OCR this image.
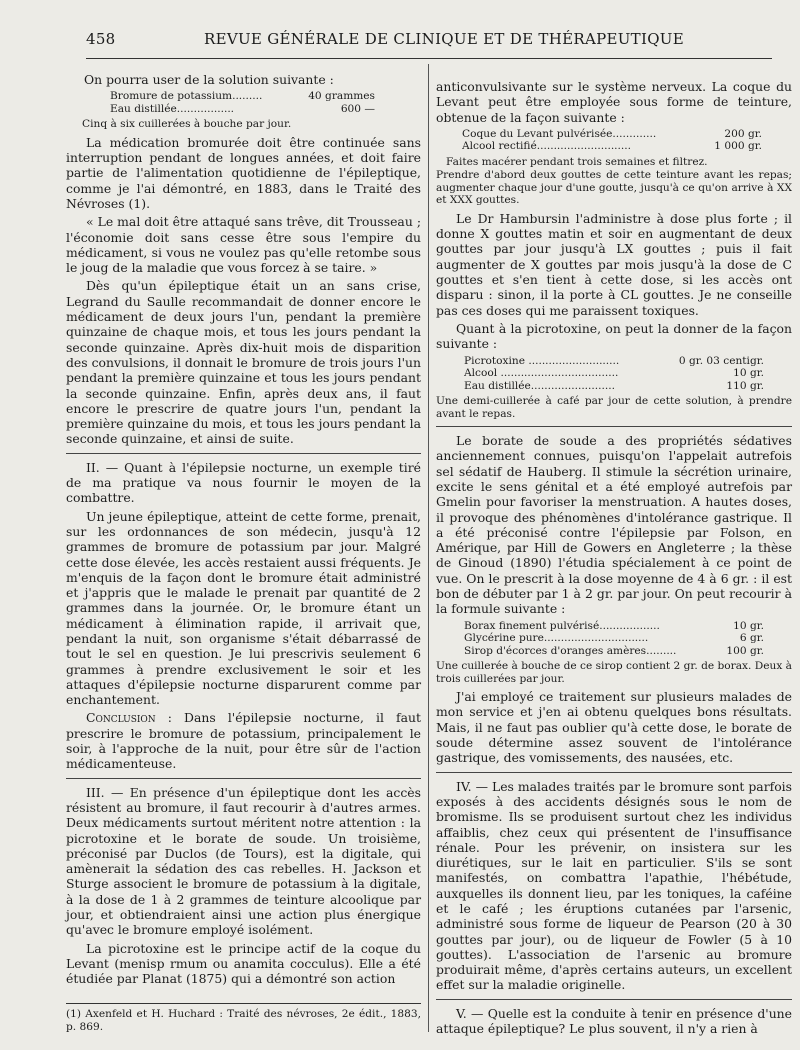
458	REVUE GÉNÉRALE DE CLINIQUE ET DE THÉRAPEUTIQUE

On pourra user de la solution suivante :

Bromure de potassium.........	40 grammes
Eau distillée.................	600 —

Cinq à six cuillerées à bouche par jour.

La médication bromurée doit être continuée sans interruption pendant de longues années, et doit faire partie de l'alimentation quotidienne de l'épileptique, comme je l'ai démontré, en 1883, dans le Traité des Névroses (1).

« Le mal doit être attaqué sans trêve, dit Trousseau ; l'économie doit sans cesse être sous l'empire du médicament, si vous ne voulez pas qu'elle retombe sous le joug de la maladie que vous forcez à se taire. »

Dès qu'un épileptique était un an sans crise, Legrand du Saulle recommandait de donner encore le médicament de deux jours l'un, pendant la première quinzaine de chaque mois, et tous les jours pendant la seconde quinzaine. Après dix-huit mois de disparition des convulsions, il donnait le bromure de trois jours l'un pendant la première quinzaine et tous les jours pendant la seconde quinzaine. Enfin, après deux ans, il faut encore le prescrire de quatre jours l'un, pendant la première quinzaine du mois, et tous les jours pendant la seconde quinzaine, et ainsi de suite.

II. — Quant à l'épilepsie nocturne, un exemple tiré de ma pratique va nous fournir le moyen de la combattre.

Un jeune épileptique, atteint de cette forme, prenait, sur les ordonnances de son médecin, jusqu'à 12 grammes de bromure de potassium par jour. Malgré cette dose élevée, les accès restaient aussi fréquents. Je m'enquis de la façon dont le bromure était administré et j'appris que le malade le prenait par quantité de 2 grammes dans la journée. Or, le bromure étant un médicament à élimination rapide, il arrivait que, pendant la nuit, son organisme s'était débarrassé de tout le sel en question. Je lui prescrivis seulement 6 grammes à prendre exclusivement le soir et les attaques d'épilepsie nocturne disparurent comme par enchantement.

Conclusion : Dans l'épilepsie nocturne, il faut prescrire le bromure de potassium, principalement le soir, à l'approche de la nuit, pour être sûr de l'action médicamenteuse.

III. — En présence d'un épileptique dont les accès résistent au bromure, il faut recourir à d'autres armes. Deux médicaments surtout méritent notre attention : la picrotoxine et le borate de soude. Un troisième, préconisé par Duclos (de Tours), est la digitale, qui amènerait la sédation des cas rebelles. H. Jackson et Sturge associent le bromure de potassium à la digitale, à la dose de 1 à 2 grammes de teinture alcoolique par jour, et obtiendraient ainsi une action plus énergique qu'avec le bromure employé isolément.

La picrotoxine est le principe actif de la coque du Levant (menisp rmum ou anamita cocculus). Elle a été étudiée par Planat (1875) qui a démontré son action

(1) Axenfeld et H. Huchard : Traité des névroses, 2e édit., 1883, p. 869.

anticonvulsivante sur le système nerveux. La coque du Levant peut être employée sous forme de teinture, obtenue de la façon suivante :

Coque du Levant pulvérisée.............	200 gr.
Alcool rectifié............................	1 000 gr.

Faites macérer pendant trois semaines et filtrez.

Prendre d'abord deux gouttes de cette teinture avant les repas; augmenter chaque jour d'une goutte, jusqu'à ce qu'on arrive à XX et XXX gouttes.

Le Dr Hambursin l'administre à dose plus forte ; il donne X gouttes matin et soir en augmentant de deux gouttes par jour jusqu'à LX gouttes ; puis il fait augmenter de X gouttes par mois jusqu'à la dose de C gouttes et s'en tient à cette dose, si les accès ont disparu : sinon, il la porte à CL gouttes. Je ne conseille pas ces doses qui me paraissent toxiques.

Quant à la picrotoxine, on peut la donner de la façon suivante :

Picrotoxine ...........................	0 gr. 03 centigr.
Alcool ...................................	10 gr.
Eau distillée.........................	110 gr.

Une demi-cuillerée à café par jour de cette solution, à prendre avant le repas.

Le borate de soude a des propriétés sédatives anciennement connues, puisqu'on l'appelait autrefois sel sédatif de Hauberg. Il stimule la sécrétion urinaire, excite le sens génital et a été employé autrefois par Gmelin pour favoriser la menstruation. A hautes doses, il provoque des phénomènes d'intolérance gastrique. Il a été préconisé contre l'épilepsie par Folson, en Amérique, par Hill de Gowers en Angleterre ; la thèse de Ginoud (1890) l'étudia spécialement à ce point de vue. On le prescrit à la dose moyenne de 4 à 6 gr. : il est bon de débuter par 1 à 2 gr. par jour. On peut recourir à la formule suivante :

Borax finement pulvérisé..................	10 gr.
Glycérine pure...............................	6 gr.
Sirop d'écorces d'oranges amères.........	100 gr.

Une cuillerée à bouche de ce sirop contient 2 gr. de borax. Deux à trois cuillerées par jour.

J'ai employé ce traitement sur plusieurs malades de mon service et j'en ai obtenu quelques bons résultats. Mais, il ne faut pas oublier qu'à cette dose, le borate de soude détermine assez souvent de l'intolérance gastrique, des vomissements, des nausées, etc.

IV. — Les malades traités par le bromure sont parfois exposés à des accidents désignés sous le nom de bromisme. Ils se produisent surtout chez les individus affaiblis, chez ceux qui présentent de l'insuffisance rénale. Pour les prévenir, on insistera sur les diurétiques, sur le lait en particulier. S'ils se sont manifestés, on combattra l'apathie, l'hébétude, auxquelles ils donnent lieu, par les toniques, la caféine et le café ; les éruptions cutanées par l'arsenic, administré sous forme de liqueur de Pearson (20 à 30 gouttes par jour), ou de liqueur de Fowler (5 à 10 gouttes). L'association de l'arsenic au bromure produirait même, d'après certains auteurs, un excellent effet sur la maladie originelle.

V. — Quelle est la conduite à tenir en présence d'une attaque épileptique? Le plus souvent, il n'y a rien à
